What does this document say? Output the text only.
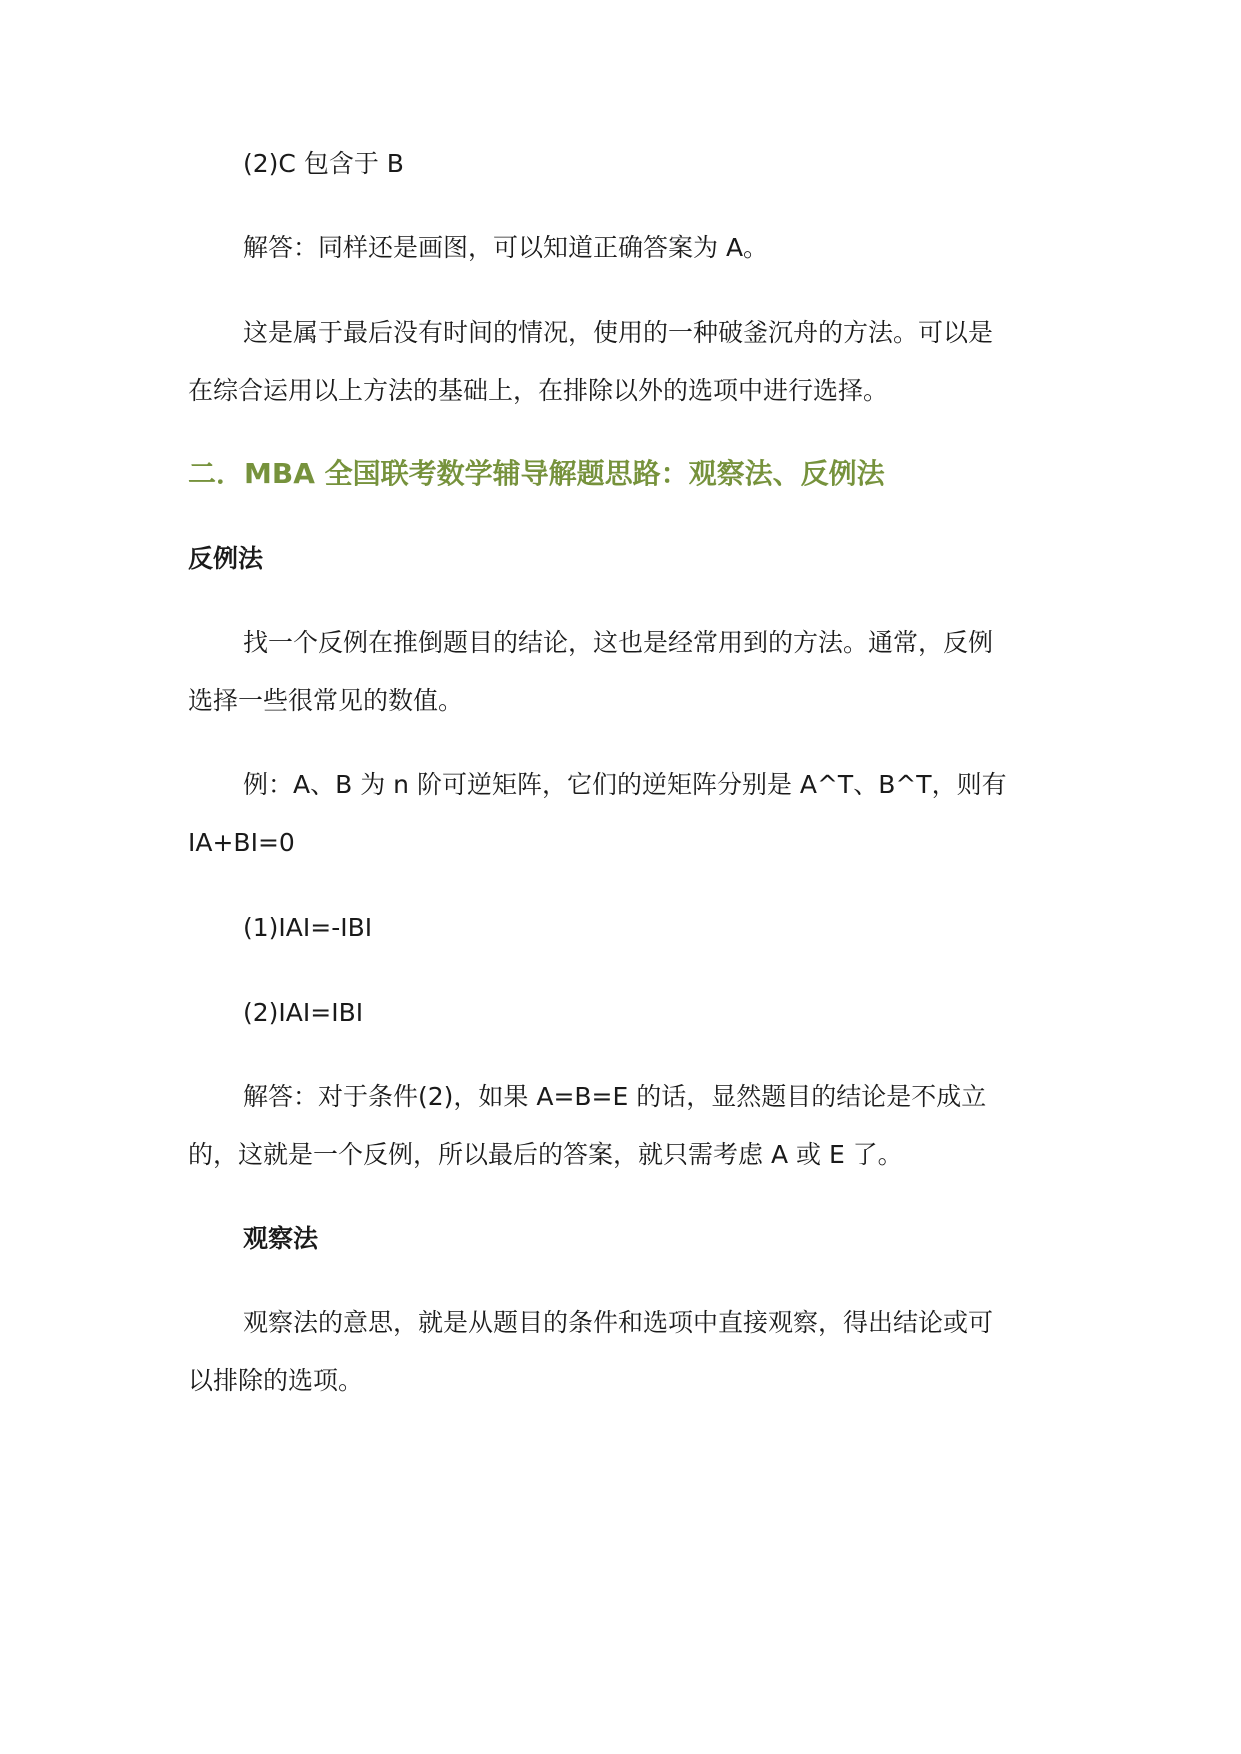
(2)C 包含于 B

解答：同样还是画图，可以知道正确答案为 A。

这是属于最后没有时间的情况，使用的一种破釜沉舟的方法。可以是

在综合运用以上方法的基础上，在排除以外的选项中进行选择。

二．MBA 全国联考数学辅导解题思路：观察法、反例法

反例法

找一个反例在推倒题目的结论，这也是经常用到的方法。通常，反例

选择一些很常见的数值。

例：A、B 为 n 阶可逆矩阵，它们的逆矩阵分别是 A^T、B^T，则有

IA+BI=0

(1)IAI=-IBI

(2)IAI=IBI

解答：对于条件(2)，如果 A=B=E 的话，显然题目的结论是不成立

的，这就是一个反例，所以最后的答案，就只需考虑 A 或 E 了。

观察法

观察法的意思，就是从题目的条件和选项中直接观察，得出结论或可

以排除的选项。
